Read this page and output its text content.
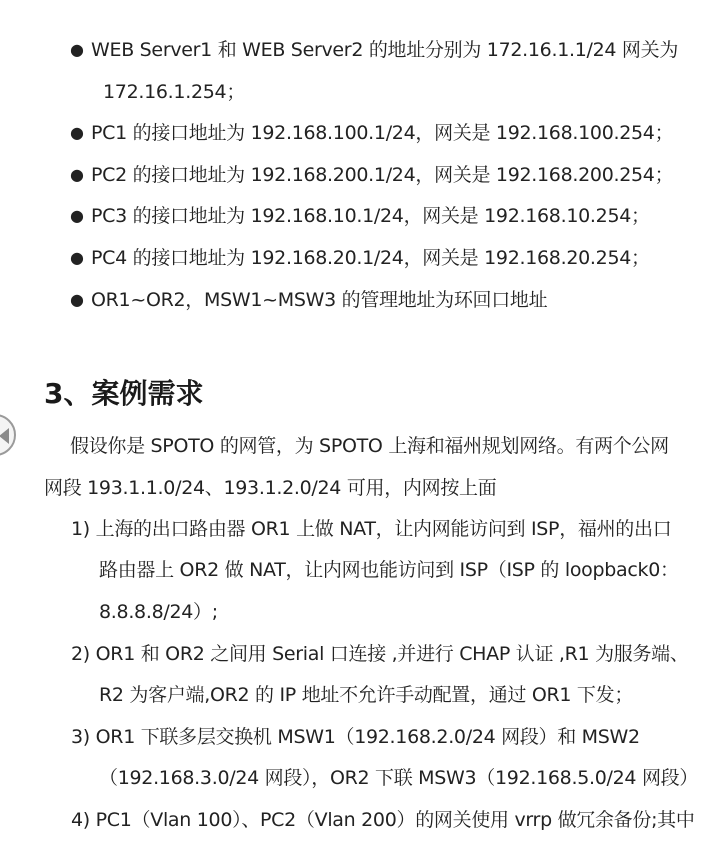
● WEB Server1 和 WEB Server2 的地址分别为 172.16.1.1/24 网关为
172.16.1.254；
● PC1 的接口地址为 192.168.100.1/24，网关是 192.168.100.254；
● PC2 的接口地址为 192.168.200.1/24，网关是 192.168.200.254；
● PC3 的接口地址为 192.168.10.1/24，网关是 192.168.10.254；
● PC4 的接口地址为 192.168.20.1/24，网关是 192.168.20.254；
● OR1~OR2，MSW1~MSW3 的管理地址为环回口地址
3、案例需求
假设你是 SPOTO 的网管，为 SPOTO 上海和福州规划网络。有两个公网
网段 193.1.1.0/24、193.1.2.0/24 可用，内网按上面
1) 上海的出口路由器 OR1 上做 NAT，让内网能访问到 ISP，福州的出口
路由器上 OR2 做 NAT，让内网也能访问到 ISP（ISP 的 loopback0：
8.8.8.8/24）;
2) OR1 和 OR2 之间用 Serial 口连接 ,并进行 CHAP 认证 ,R1 为服务端、
R2 为客户端,OR2 的 IP 地址不允许手动配置，通过 OR1 下发；
3) OR1 下联多层交换机 MSW1（192.168.2.0/24 网段）和 MSW2
（192.168.3.0/24 网段），OR2 下联 MSW3（192.168.5.0/24 网段）
4) PC1（Vlan 100）、PC2（Vlan 200）的网关使用 vrrp 做冗余备份;其中
